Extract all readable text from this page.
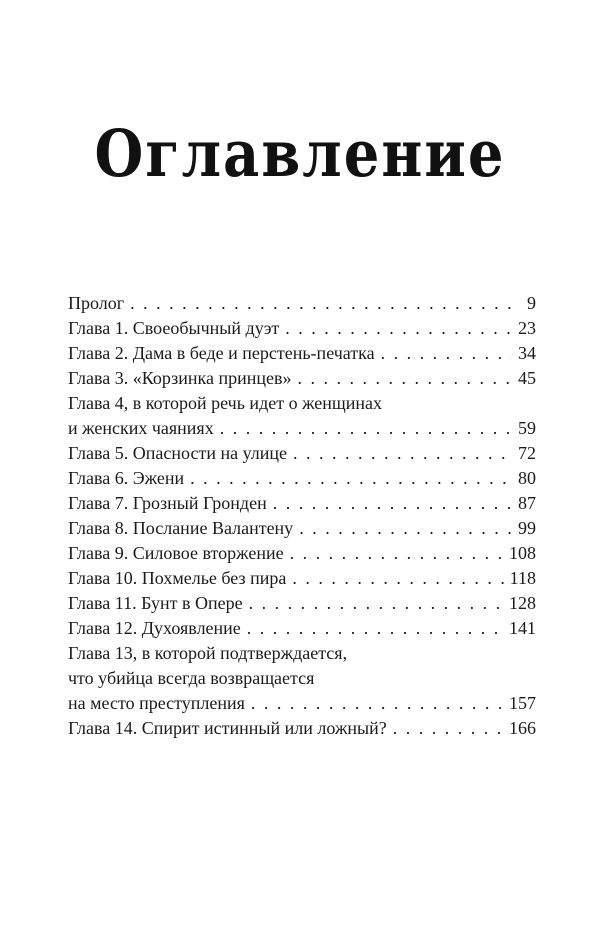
Оглавление
Пролог . . .	9
Глава 1. Своеобычный дуэт . . .	23
Глава 2. Дама в беде и перстень-печатка . . .	34
Глава 3. «Корзинка принцев» . . .	45
Глава 4, в которой речь идет о женщинах
и женских чаяниях . . .	59
Глава 5. Опасности на улице . . .	72
Глава 6. Эжени . . .	80
Глава 7. Грозный Гронден . . .	87
Глава 8. Послание Валантену . . .	99
Глава 9. Силовое вторжение . . .	108
Глава 10. Похмелье без пира . . .	118
Глава 11. Бунт в Опере . . .	128
Глава 12. Духоявление . . .	141
Глава 13, в которой подтверждается,
что убийца всегда возвращается
на место преступления . . .	157
Глава 14. Спирит истинный или ложный? . . .	166
